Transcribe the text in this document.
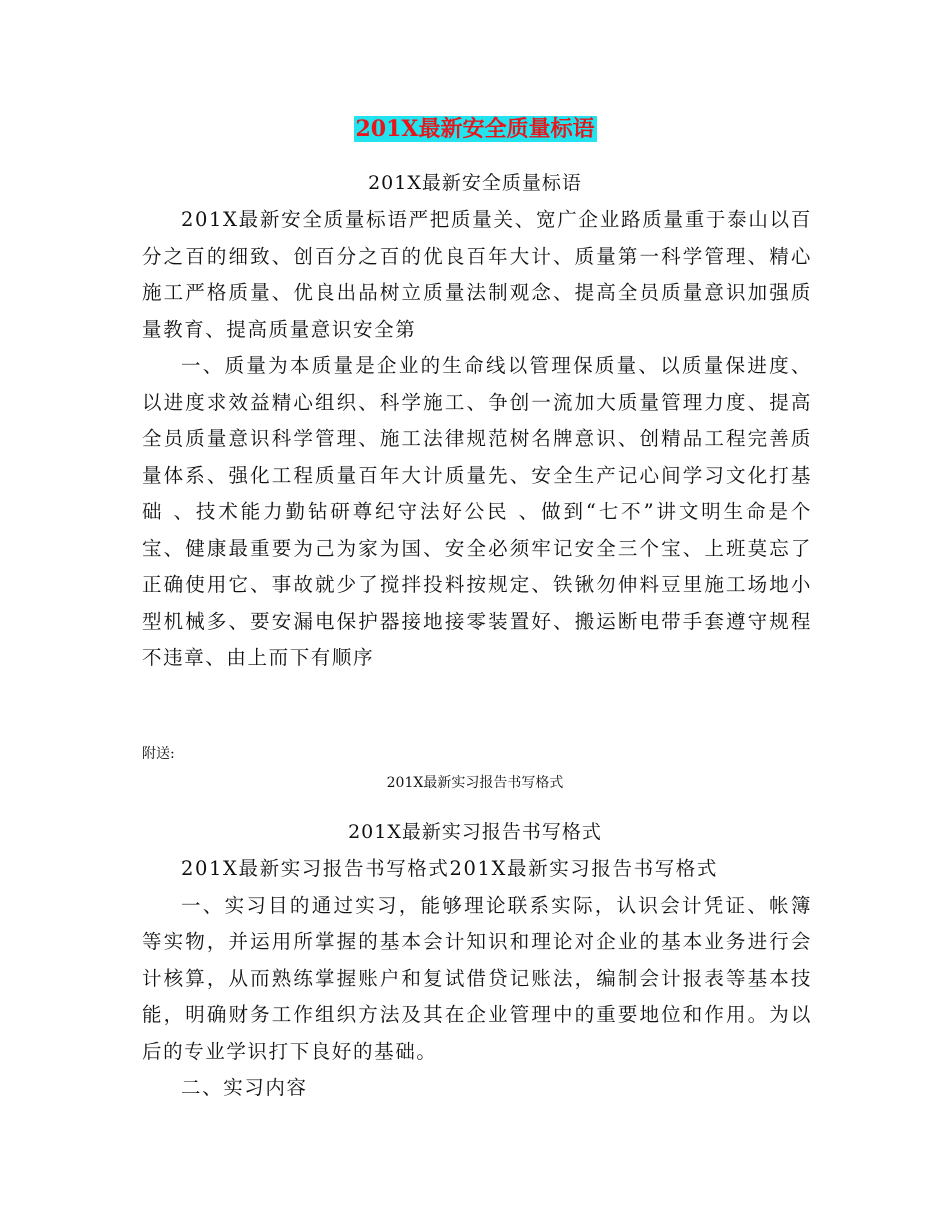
201X最新安全质量标语
201X最新安全质量标语

201X最新安全质量标语严把质量关、宽广企业路质量重于泰山以百分之百的细致、创百分之百的优良百年大计、质量第一科学管理、精心施工严格质量、优良出品树立质量法制观念、提高全员质量意识加强质量教育、提高质量意识安全第

一、质量为本质量是企业的生命线以管理保质量、以质量保进度、以进度求效益精心组织、科学施工、争创一流加大质量管理力度、提高全员质量意识科学管理、施工法律规范树名牌意识、创精品工程完善质量体系、强化工程质量百年大计质量先、安全生产记心间学习文化打基础 、技术能力勤钻研尊纪守法好公民 、做到“七不”讲文明生命是个宝、健康最重要为己为家为国、安全必须牢记安全三个宝、上班莫忘了正确使用它、事故就少了搅拌投料按规定、铁锹勿伸料豆里施工场地小型机械多、要安漏电保护器接地接零装置好、搬运断电带手套遵守规程不违章、由上而下有顺序

附送:
201X最新实习报告书写格式
201X最新实习报告书写格式

201X最新实习报告书写格式201X最新实习报告书写格式

一、实习目的通过实习，能够理论联系实际，认识会计凭证、帐簿等实物，并运用所掌握的基本会计知识和理论对企业的基本业务进行会计核算，从而熟练掌握账户和复试借贷记账法，编制会计报表等基本技能，明确财务工作组织方法及其在企业管理中的重要地位和作用。为以后的专业学识打下良好的基础。

二、实习内容
